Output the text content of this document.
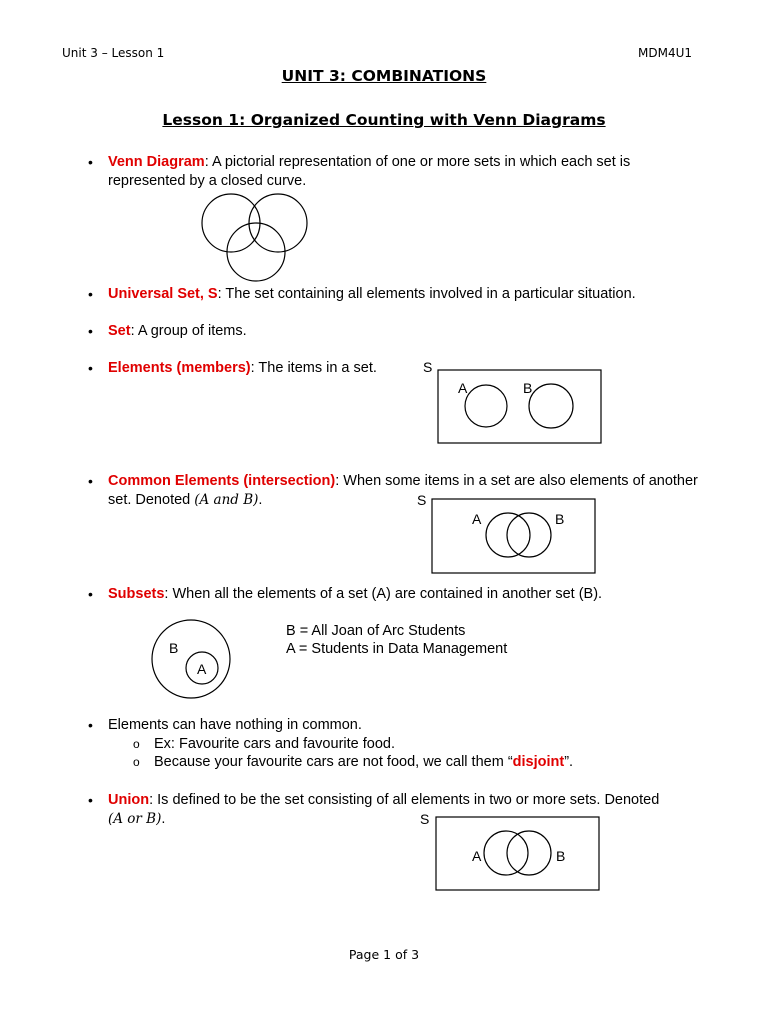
Unit 3 – Lesson 1	MDM4U1
UNIT 3: COMBINATIONS
Lesson 1: Organized Counting with Venn Diagrams
• Venn Diagram: A pictorial representation of one or more sets in which each set is represented by a closed curve.
• Universal Set, S: The set containing all elements involved in a particular situation.
• Set: A group of items.
• Elements (members): The items in a set.	S
A	B
• Common Elements (intersection): When some items in a set are also elements of another set. Denoted (A and B).	S
A	B
• Subsets: When all the elements of a set (A) are contained in another set (B).
B
A
B = All Joan of Arc Students
A = Students in Data Management
• Elements can have nothing in common.
o Ex: Favourite cars and favourite food.
o Because your favourite cars are not food, we call them “disjoint”.
• Union: Is defined to be the set consisting of all elements in two or more sets. Denoted
(A or B).	S
A	B
Page 1 of 3
